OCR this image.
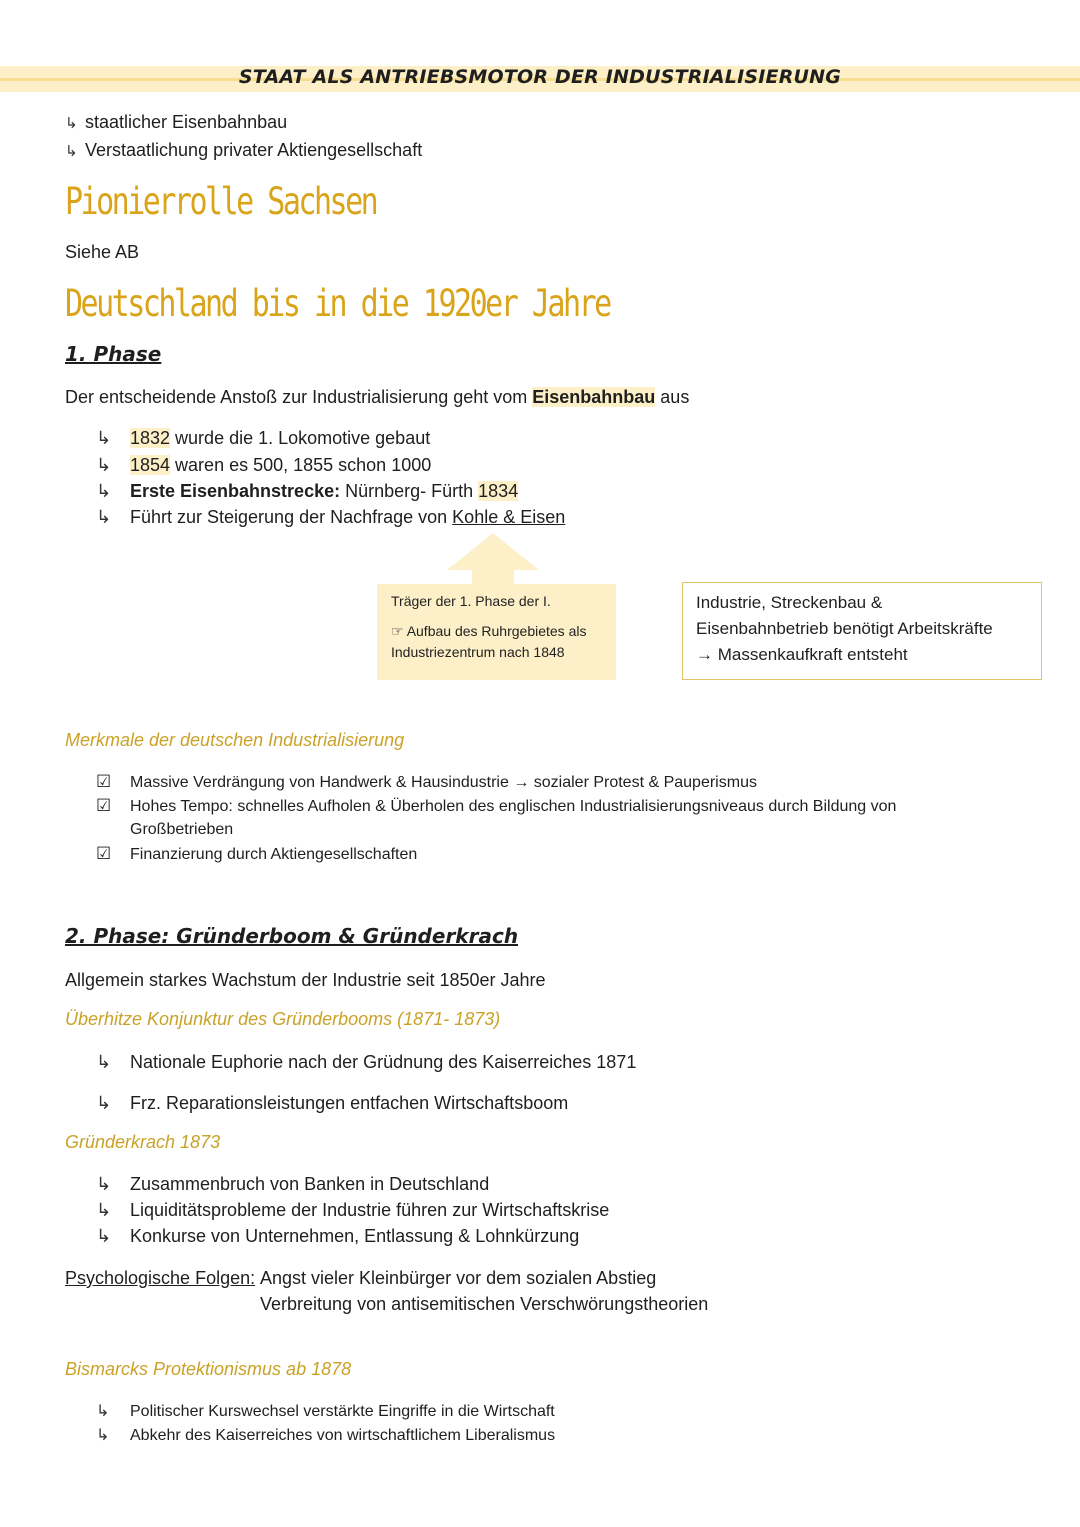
STAAT ALS ANTRIEBSMOTOR DER INDUSTRIALISIERUNG
↳ staatlicher Eisenbahnbau
↳ Verstaatlichung privater Aktiengesellschaft
Pionierrolle Sachsen
Siehe AB
Deutschland bis in die 1920er Jahre
1. Phase
Der entscheidende Anstoß zur Industrialisierung geht vom Eisenbahnbau aus
↳ 1832 wurde die 1. Lokomotive gebaut
↳ 1854 waren es 500, 1855 schon 1000
↳ Erste Eisenbahnstrecke: Nürnberg- Fürth 1834
↳ Führt zur Steigerung der Nachfrage von Kohle & Eisen
Träger der 1. Phase der I.
☞ Aufbau des Ruhrgebietes als
Industriezentrum nach 1848
Industrie, Streckenbau &
Eisenbahnbetrieb benötigt Arbeitskräfte
→ Massenkaufkraft entsteht
Merkmale der deutschen Industrialisierung
☑ Massive Verdrängung von Handwerk & Hausindustrie → sozialer Protest & Pauperismus
☑ Hohes Tempo: schnelles Aufholen & Überholen des englischen Industrialisierungsniveaus durch Bildung von
Großbetrieben
☑ Finanzierung durch Aktiengesellschaften
2. Phase: Gründerboom & Gründerkrach
Allgemein starkes Wachstum der Industrie seit 1850er Jahre
Überhitze Konjunktur des Gründerbooms (1871- 1873)
↳ Nationale Euphorie nach der Grüdnung des Kaiserreiches 1871
↳ Frz. Reparationsleistungen entfachen Wirtschaftsboom
Gründerkrach 1873
↳ Zusammenbruch von Banken in Deutschland
↳ Liquiditätsprobleme der Industrie führen zur Wirtschaftskrise
↳ Konkurse von Unternehmen, Entlassung & Lohnkürzung
Psychologische Folgen: Angst vieler Kleinbürger vor dem sozialen Abstieg
Verbreitung von antisemitischen Verschwörungstheorien
Bismarcks Protektionismus ab 1878
↳ Politischer Kurswechsel verstärkte Eingriffe in die Wirtschaft
↳ Abkehr des Kaiserreiches von wirtschaftlichem Liberalismus
